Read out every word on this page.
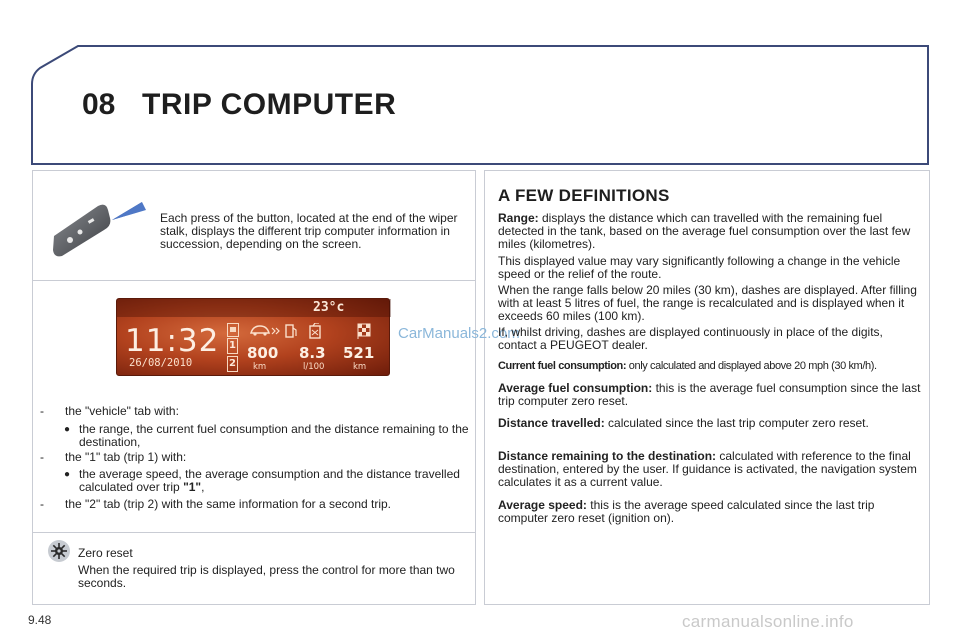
08 TRIP COMPUTER
Each press of the button, located at the end of the wiper stalk, displays the different trip computer information in succession, depending on the screen.
23°c
11:32
26/08/2010
1
2
800 8.3 521
km	l/100	km
CarManuals2.com
- the "vehicle" tab with:
● the range, the current fuel consumption and the distance remaining to the destination,
- the "1" tab (trip 1) with:
● the average speed, the average consumption and the distance travelled calculated over trip "1",
- the "2" tab (trip 2) with the same information for a second trip.
Zero reset
When the required trip is displayed, press the control for more than two seconds.
A FEW DEFINITIONS
Range: displays the distance which can travelled with the remaining fuel detected in the tank, based on the average fuel consumption over the last few miles (kilometres).
This displayed value may vary significantly following a change in the vehicle speed or the relief of the route.
When the range falls below 20 miles (30 km), dashes are displayed. After filling with at least 5 litres of fuel, the range is recalculated and is displayed when it exceeds 60 miles (100 km).
If, whilst driving, dashes are displayed continuously in place of the digits, contact a PEUGEOT dealer.
Current fuel consumption: only calculated and displayed above 20 mph (30 km/h).
Average fuel consumption: this is the average fuel consumption since the last trip computer zero reset.
Distance travelled: calculated since the last trip computer zero reset.
Distance remaining to the destination: calculated with reference to the final destination, entered by the user. If guidance is activated, the navigation system calculates it as a current value.
Average speed: this is the average speed calculated since the last trip computer zero reset (ignition on).
9.48	carmanualsonline.info
